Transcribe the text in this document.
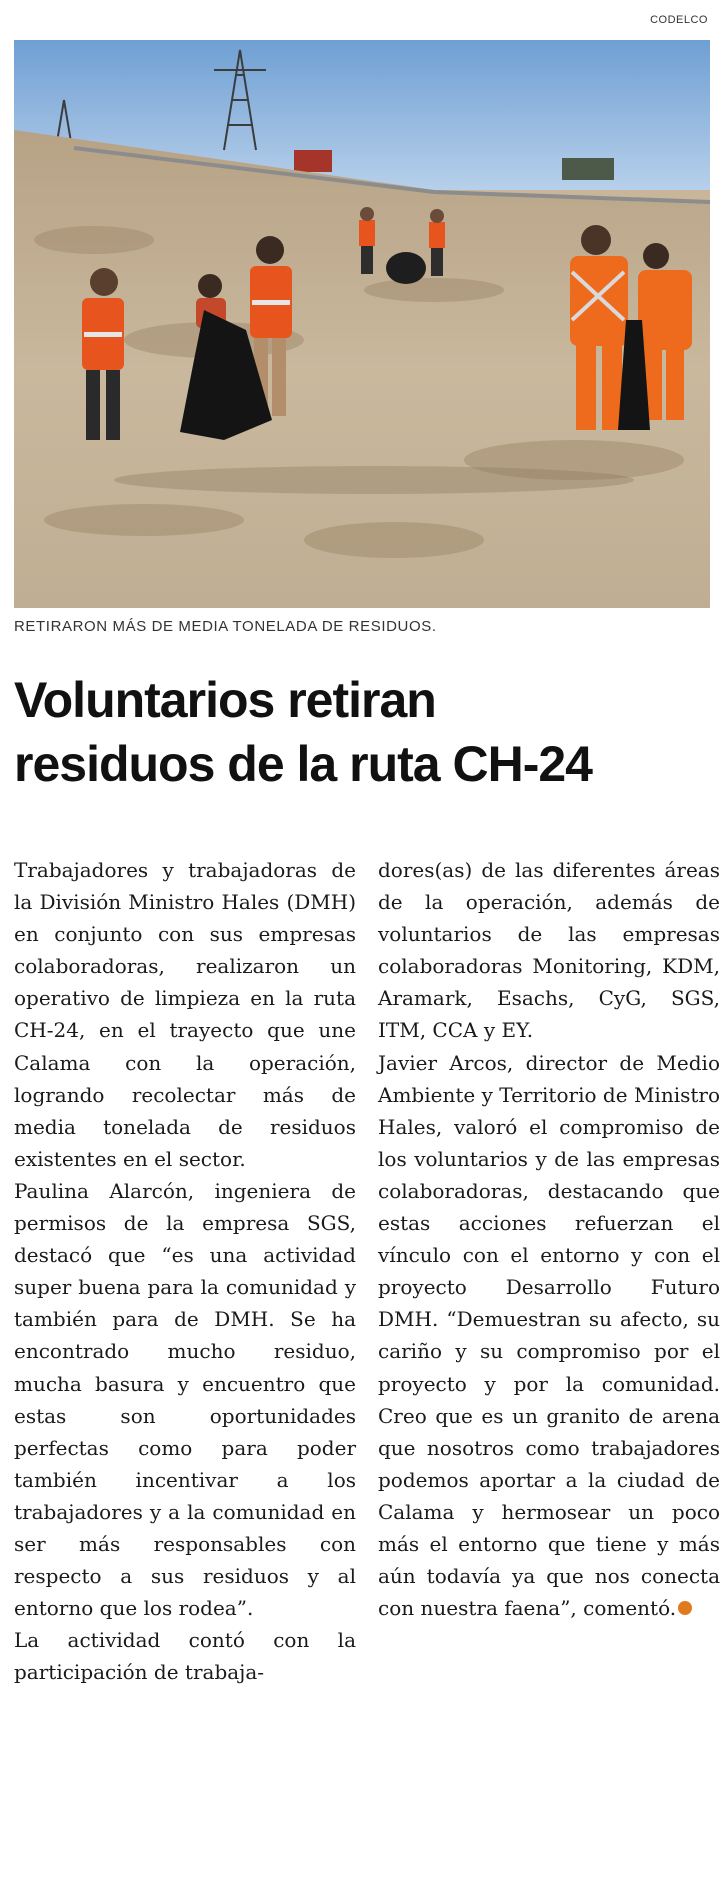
CODELCO
RETIRARON MÁS DE MEDIA TONELADA DE RESIDUOS.
Voluntarios retiran
residuos de la ruta CH-24

Trabajadores y trabajadoras de la División Ministro Hales (DMH) en conjunto con sus empresas colaboradoras, realizaron un operativo de limpieza en la ruta CH-24, en el trayecto que une Calama con la operación, logrando recolectar más de media tonelada de residuos existentes en el sector.

Paulina Alarcón, ingeniera de permisos de la empresa SGS, destacó que “es una actividad super buena para la comunidad y también para de DMH. Se ha encontrado mucho residuo, mucha basura y encuentro que estas son oportunidades perfectas como para poder también incentivar a los trabajadores y a la comunidad en ser más responsables con respecto a sus residuos y al entorno que los rodea”.

La actividad contó con la participación de trabaja-

dores(as) de las diferentes áreas de la operación, además de voluntarios de las empresas colaboradoras Monitoring, KDM, Aramark, Esachs, CyG, SGS, ITM, CCA y EY.

Javier Arcos, director de Medio Ambiente y Territorio de Ministro Hales, valoró el compromiso de los voluntarios y de las empresas colaboradoras, destacando que estas acciones refuerzan el vínculo con el entorno y con el proyecto Desarrollo Futuro DMH. “Demuestran su afecto, su cariño y su compromiso por el proyecto y por la comunidad. Creo que es un granito de arena que nosotros como trabajadores podemos aportar a la ciudad de Calama y hermosear un poco más el entorno que tiene y más aún todavía ya que nos conecta con nuestra faena”, comentó.
